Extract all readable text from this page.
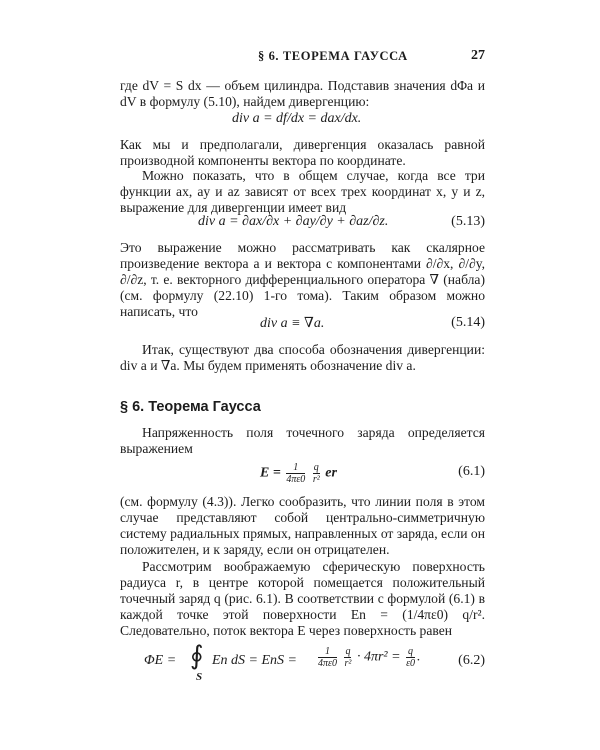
§ 6. ТЕОРЕМА ГАУССА	27

где dV = S dx — объем цилиндра. Подставив значения dΦa и dV в формулу (5.10), найдем дивергенцию:

div a = df/dx = dax/dx.

Как мы и предполагали, дивергенция оказалась равной производной компоненты вектора по координате.

Можно показать, что в общем случае, когда все три функции ax, ay и az зависят от всех трех координат x, y и z, выражение для дивергенции имеет вид

div a = ∂ax/∂x + ∂ay/∂y + ∂az/∂z.	(5.13)

Это выражение можно рассматривать как скалярное произведение вектора a и вектора с компонентами ∂/∂x, ∂/∂y, ∂/∂z, т. е. векторного дифференциального оператора ∇ (набла) (см. формулу (22.10) 1-го тома). Таким образом можно написать, что

div a ≡ ∇a.	(5.14)

Итак, существуют два способа обозначения дивергенции: div a и ∇a. Мы будем применять обозначение div a.

§ 6. Теорема Гаусса

Напряженность поля точечного заряда определяется выражением

$E = \frac{1}{4\pi\varepsilon 0}$
$\frac{q}{\text{r²}}$ er	(6.1)

(см. формулу (4.3)). Легко сообразить, что линии поля в этом случае представляют собой центрально-симметричную систему радиальных прямых, направленных от заряда, если он положителен, и к заряду, если он отрицателен.

Рассмотрим воображаемую сферическую поверхность радиуса r, в центре которой помещается положительный точечный заряд q (рис. 6.1). В соответствии с формулой (6.1) в каждой точке этой поверхности En = (1/4πε0) q/r². Следовательно, поток вектора E через поверхность равен

ΦE = ∮
S
En dS = EnS = $\frac{1}{4\pi\varepsilon 0}$
$\frac{q}{\text{r²}} \cdot 4\pi r^2 = \frac{q}{\varepsilon 0}$ .	(6.2)
